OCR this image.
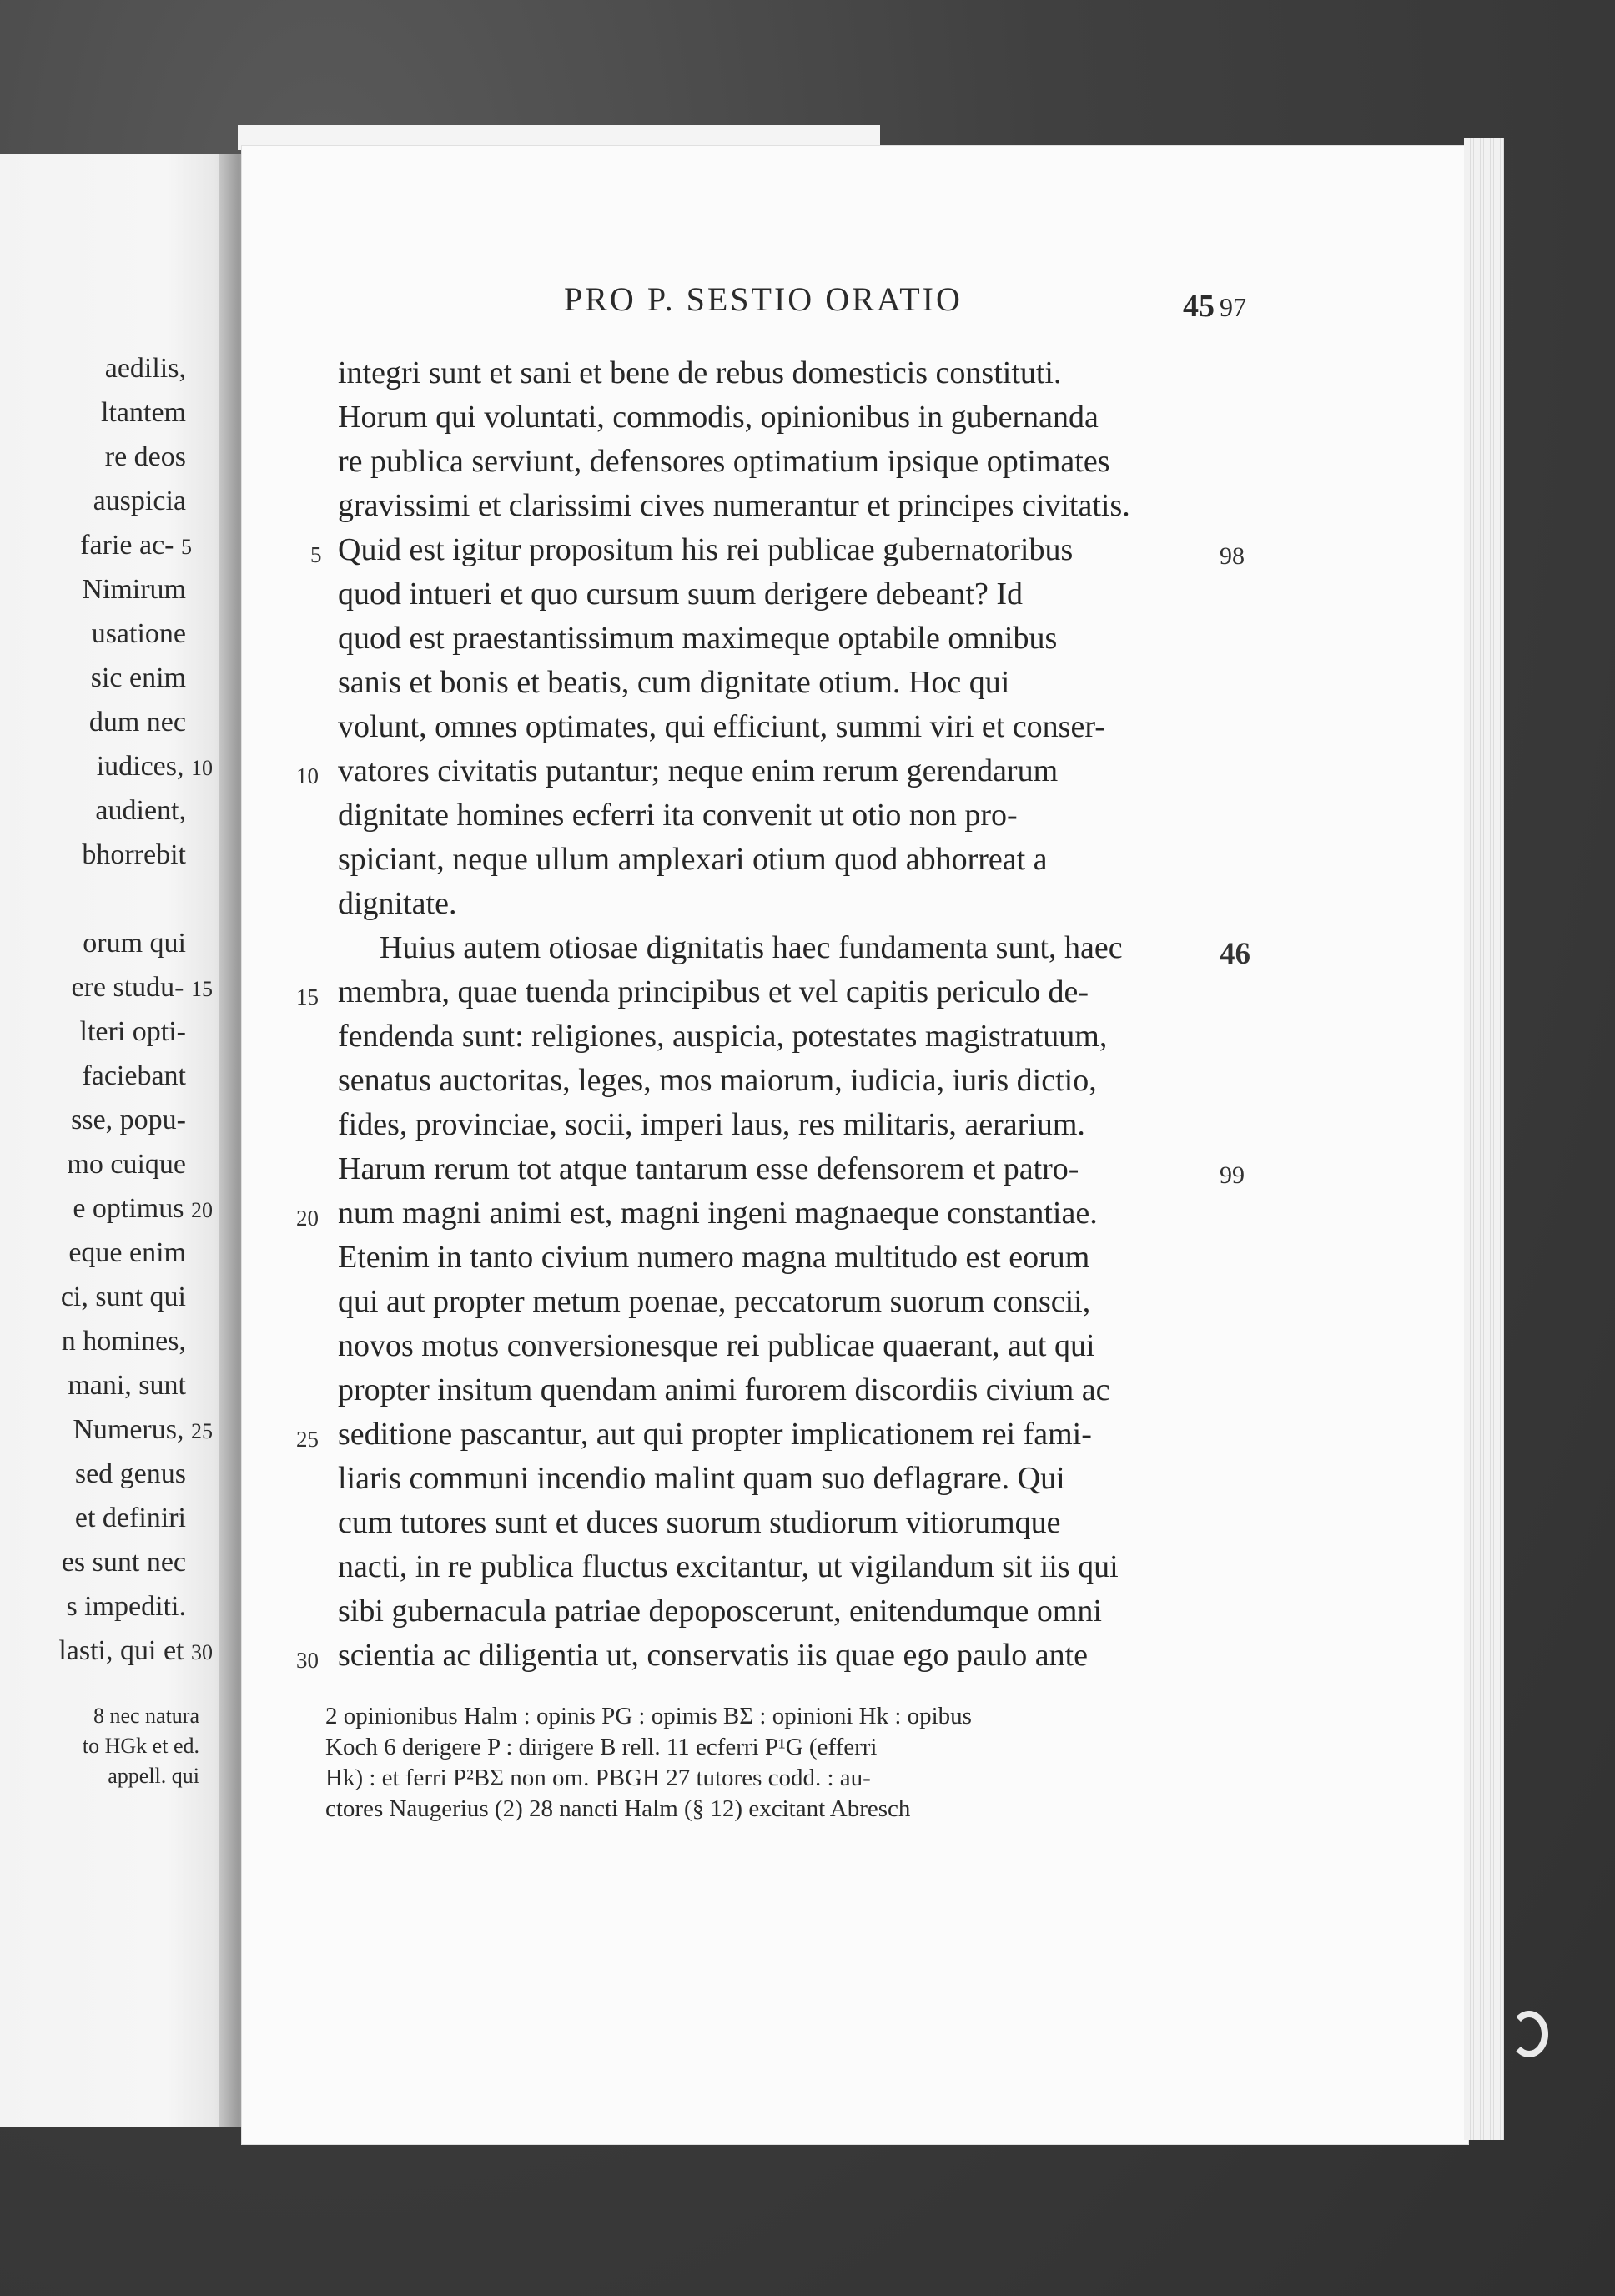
aedilis,
ltantem
re deos
auspicia
farie ac- 5
Nimirum
usatione
sic enim
dum nec
iudices, 10
audient,
bhorrebit
orum qui
ere studu- 15
lteri opti-
faciebant
sse, popu-
mo cuique
e optimus 20
eque enim
ci, sunt qui
n homines,
mani, sunt
Numerus, 25
sed genus
et definiri
es sunt nec
s impediti.
lasti, qui et 30
8 nec natura
to HGk et ed.
appell. qui
PRO P. SESTIO ORATIO	45 97
integri sunt et sani et bene de rebus domesticis constituti.
Horum qui voluntati, commodis, opinionibus in gubernanda
re publica serviunt, defensores optimatium ipsique optimates
gravissimi et clarissimi cives numerantur et principes civitatis.
Quid est igitur propositum his rei publicae gubernatoribus
quod intueri et quo cursum suum derigere debeant? Id
quod est praestantissimum maximeque optabile omnibus
sanis et bonis et beatis, cum dignitate otium. Hoc qui
volunt, omnes optimates, qui efficiunt, summi viri et conser-
vatores civitatis putantur; neque enim rerum gerendarum
dignitate homines ecferri ita convenit ut otio non pro-
spiciant, neque ullum amplexari otium quod abhorreat a
dignitate.
Huius autem otiosae dignitatis haec fundamenta sunt, haec
membra, quae tuenda principibus et vel capitis periculo de-
fendenda sunt: religiones, auspicia, potestates magistratuum,
senatus auctoritas, leges, mos maiorum, iudicia, iuris dictio,
fides, provinciae, socii, imperi laus, res militaris, aerarium.
Harum rerum tot atque tantarum esse defensorem et patro-
num magni animi est, magni ingeni magnaeque constantiae.
Etenim in tanto civium numero magna multitudo est eorum
qui aut propter metum poenae, peccatorum suorum conscii,
novos motus conversionesque rei publicae quaerant, aut qui
propter insitum quendam animi furorem discordiis civium ac
seditione pascantur, aut qui propter implicationem rei fami-
liaris communi incendio malint quam suo deflagrare. Qui
cum tutores sunt et duces suorum studiorum vitiorumque
nacti, in re publica fluctus excitantur, ut vigilandum sit iis qui
sibi gubernacula patriae depoposcerunt, enitendumque omni
scientia ac diligentia ut, conservatis iis quae ego paulo ante
5
10
15
20
25
30
98
46
99
2 opinionibus Halm : opinis PG : opimis BΣ : opinioni Hk : opibus
Koch 6 derigere P : dirigere B rell. 11 ecferri P¹G (efferri
Hk) : et ferri P²BΣ non om. PBGH 27 tutores codd. : au-
ctores Naugerius (2) 28 nancti Halm (§ 12) excitant Abresch
